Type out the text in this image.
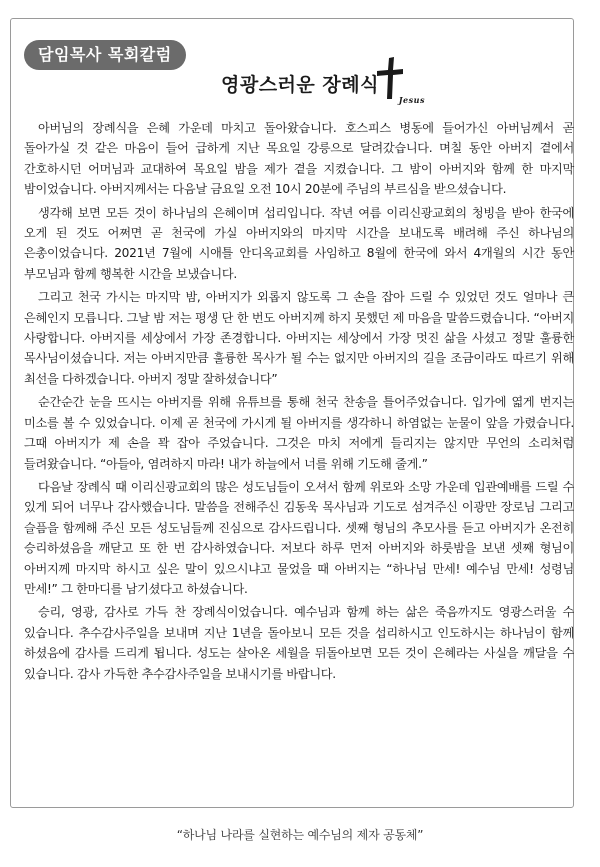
담임목사 목회칼럼
영광스러운 장례식
Jesus

아버님의 장례식을 은혜 가운데 마치고 돌아왔습니다. 호스피스 병동에 들어가신 아버님께서 곧 돌아가실 것 같은 마음이 들어 급하게 지난 목요일 강릉으로 달려갔습니다. 며칠 동안 아버지 곁에서 간호하시던 어머님과 교대하여 목요일 밤을 제가 곁을 지켰습니다. 그 밤이 아버지와 함께 한 마지막 밤이었습니다. 아버지께서는 다음날 금요일 오전 10시 20분에 주님의 부르심을 받으셨습니다.

생각해 보면 모든 것이 하나님의 은혜이며 섭리입니다. 작년 여름 이리신광교회의 청빙을 받아 한국에 오게 된 것도 어쩌면 곧 천국에 가실 아버지와의 마지막 시간을 보내도록 배려해 주신 하나님의 은총이었습니다. 2021년 7월에 시애틀 안디옥교회를 사임하고 8월에 한국에 와서 4개월의 시간 동안 부모님과 함께 행복한 시간을 보냈습니다.

그리고 천국 가시는 마지막 밤, 아버지가 외롭지 않도록 그 손을 잡아 드릴 수 있었던 것도 얼마나 큰 은혜인지 모릅니다. 그날 밤 저는 평생 단 한 번도 아버지께 하지 못했던 제 마음을 말씀드렸습니다. “아버지 사랑합니다. 아버지를 세상에서 가장 존경합니다. 아버지는 세상에서 가장 멋진 삶을 사셨고 정말 훌륭한 목사님이셨습니다. 저는 아버지만큼 훌륭한 목사가 될 수는 없지만 아버지의 길을 조금이라도 따르기 위해 최선을 다하겠습니다. 아버지 정말 잘하셨습니다”

순간순간 눈을 뜨시는 아버지를 위해 유튜브를 통해 천국 찬송을 틀어주었습니다. 입가에 엷게 번지는 미소를 볼 수 있었습니다. 이제 곧 천국에 가시게 될 아버지를 생각하니 하염없는 눈물이 앞을 가렸습니다. 그때 아버지가 제 손을 꽉 잡아 주었습니다. 그것은 마치 저에게 들리지는 않지만 무언의 소리처럼 들려왔습니다. “아들아, 염려하지 마라! 내가 하늘에서 너를 위해 기도해 줄게.”

다음날 장례식 때 이리신광교회의 많은 성도님들이 오셔서 함께 위로와 소망 가운데 입관예배를 드릴 수 있게 되어 너무나 감사했습니다. 말씀을 전해주신 김동욱 목사님과 기도로 섬겨주신 이광만 장로님 그리고 슬픔을 함께해 주신 모든 성도님들께 진심으로 감사드립니다. 셋째 형님의 추모사를 듣고 아버지가 온전히 승리하셨음을 깨닫고 또 한 번 감사하였습니다. 저보다 하루 먼저 아버지와 하룻밤을 보낸 셋째 형님이 아버지께 마지막 하시고 싶은 말이 있으시냐고 물었을 때 아버지는 “하나님 만세! 예수님 만세! 성령님 만세!” 그 한마디를 남기셨다고 하셨습니다.

승리, 영광, 감사로 가득 찬 장례식이었습니다. 예수님과 함께 하는 삶은 죽음까지도 영광스러울 수 있습니다. 추수감사주일을 보내며 지난 1년을 돌아보니 모든 것을 섭리하시고 인도하시는 하나님이 함께 하셨음에 감사를 드리게 됩니다. 성도는 살아온 세월을 뒤돌아보면 모든 것이 은혜라는 사실을 깨달을 수 있습니다. 감사 가득한 추수감사주일을 보내시기를 바랍니다.

“하나님 나라를 실현하는 예수님의 제자 공동체”
